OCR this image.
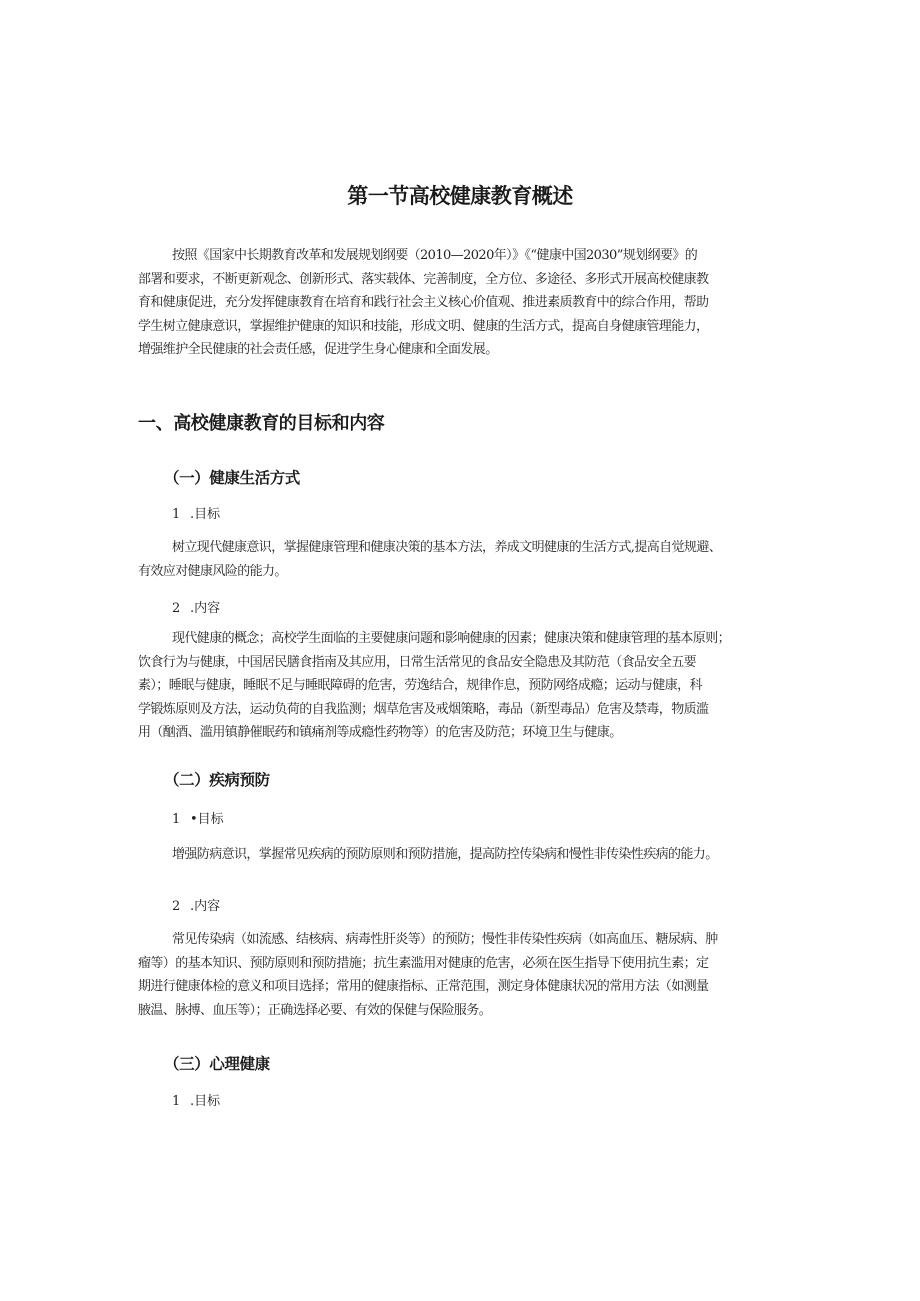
第一节高校健康教育概述
按照《国家中长期教育改革和发展规划纲要（2010—2020年）》《“健康中国2030”规划纲要》的
部署和要求，不断更新观念、创新形式、落实载体、完善制度，全方位、多途径、多形式开展高校健康教
育和健康促进，充分发挥健康教育在培育和践行社会主义核心价值观、推进素质教育中的综合作用，帮助
学生树立健康意识，掌握维护健康的知识和技能，形成文明、健康的生活方式，提高自身健康管理能力，
增强维护全民健康的社会责任感，促进学生身心健康和全面发展。
一、高校健康教育的目标和内容
（一）健康生活方式
1 .目标
树立现代健康意识，掌握健康管理和健康决策的基本方法，养成文明健康的生活方式,提高自觉规避、
有效应对健康风险的能力。
2 .内容
现代健康的概念；高校学生面临的主要健康问题和影响健康的因素；健康决策和健康管理的基本原则；
饮食行为与健康，中国居民膳食指南及其应用，日常生活常见的食品安全隐患及其防范（食品安全五要
素）；睡眠与健康，睡眠不足与睡眠障碍的危害，劳逸结合，规律作息，预防网络成瘾；运动与健康，科
学锻炼原则及方法，运动负荷的自我监测；烟草危害及戒烟策略，毒品（新型毒品）危害及禁毒，物质滥
用（酗酒、滥用镇静催眠药和镇痛剂等成瘾性药物等）的危害及防范；环境卫生与健康。
（二）疾病预防
1 •目标
增强防病意识，掌握常见疾病的预防原则和预防措施，提高防控传染病和慢性非传染性疾病的能力。
2 .内容
常见传染病（如流感、结核病、病毒性肝炎等）的预防；慢性非传染性疾病（如高血压、糖尿病、肿
瘤等）的基本知识、预防原则和预防措施；抗生素滥用对健康的危害，必须在医生指导下使用抗生素；定
期进行健康体检的意义和项目选择；常用的健康指标、正常范围，测定身体健康状况的常用方法（如测量
腋温、脉搏、血压等）；正确选择必要、有效的保健与保险服务。
（三）心理健康
1 .目标
